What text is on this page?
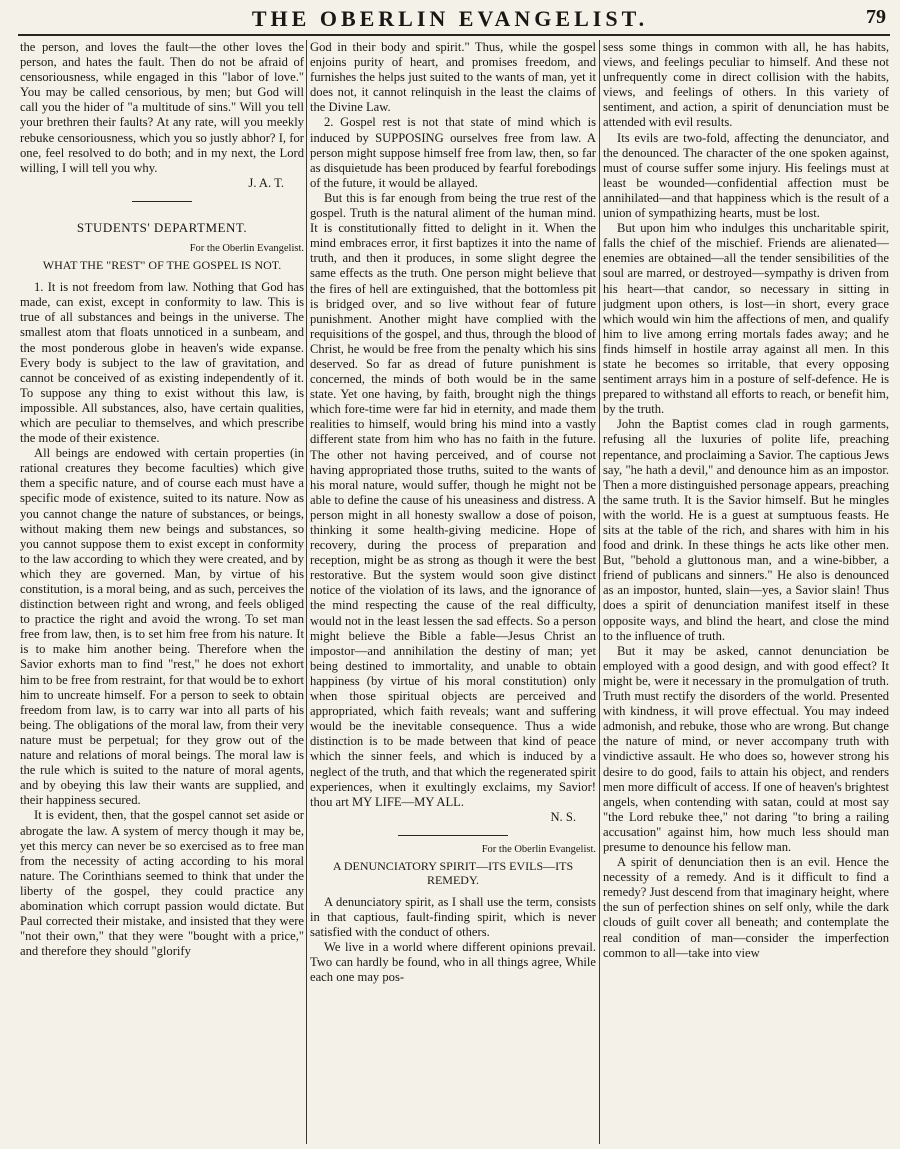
THE OBERLIN EVANGELIST.	79

the person, and loves the fault—the other loves the person, and hates the fault. Then do not be afraid of censoriousness, while engaged in this "labor of love." You may be called censorious, by men; but God will call you the hider of "a multitude of sins." Will you tell your brethren their faults? At any rate, will you meekly rebuke censoriousness, which you so justly abhor? I, for one, feel resolved to do both; and in my next, the Lord willing, I will tell you why.

J. A. T.
STUDENTS' DEPARTMENT.
For the Oberlin Evangelist.
WHAT THE "REST" OF THE GOSPEL IS NOT.

1. It is not freedom from law. Nothing that God has made, can exist, except in conformity to law. This is true of all substances and beings in the universe. The smallest atom that floats unnoticed in a sunbeam, and the most ponderous globe in heaven's wide expanse. Every body is subject to the law of gravitation, and cannot be conceived of as existing independently of it. To suppose any thing to exist without this law, is impossible. All substances, also, have certain qualities, which are peculiar to themselves, and which prescribe the mode of their existence.

All beings are endowed with certain properties (in rational creatures they become faculties) which give them a specific nature, and of course each must have a specific mode of existence, suited to its nature. Now as you cannot change the nature of substances, or beings, without making them new beings and substances, so you cannot suppose them to exist except in conformity to the law according to which they were created, and by which they are governed. Man, by virtue of his constitution, is a moral being, and as such, perceives the distinction between right and wrong, and feels obliged to practice the right and avoid the wrong. To set man free from law, then, is to set him free from his nature. It is to make him another being. Therefore when the Savior exhorts man to find "rest," he does not exhort him to be free from restraint, for that would be to exhort him to uncreate himself. For a person to seek to obtain freedom from law, is to carry war into all parts of his being. The obligations of the moral law, from their very nature must be perpetual; for they grow out of the nature and relations of moral beings. The moral law is the rule which is suited to the nature of moral agents, and by obeying this law their wants are supplied, and their happiness secured.

It is evident, then, that the gospel cannot set aside or abrogate the law. A system of mercy though it may be, yet this mercy can never be so exercised as to free man from the necessity of acting according to his moral nature. The Corinthians seemed to think that under the liberty of the gospel, they could practice any abomination which corrupt passion would dictate. But Paul corrected their mistake, and insisted that they were "not their own," that they were "bought with a price," and therefore they should "glorify

God in their body and spirit." Thus, while the gospel enjoins purity of heart, and promises freedom, and furnishes the helps just suited to the wants of man, yet it does not, it cannot relinquish in the least the claims of the Divine Law.

2. Gospel rest is not that state of mind which is induced by SUPPOSING ourselves free from law. A person might suppose himself free from law, then, so far as disquietude has been produced by fearful forebodings of the future, it would be allayed.

But this is far enough from being the true rest of the gospel. Truth is the natural aliment of the human mind. It is constitutionally fitted to delight in it. When the mind embraces error, it first baptizes it into the name of truth, and then it produces, in some slight degree the same effects as the truth. One person might believe that the fires of hell are extinguished, that the bottomless pit is bridged over, and so live without fear of future punishment. Another might have complied with the requisitions of the gospel, and thus, through the blood of Christ, he would be free from the penalty which his sins deserved. So far as dread of future punishment is concerned, the minds of both would be in the same state. Yet one having, by faith, brought nigh the things which fore-time were far hid in eternity, and made them realities to himself, would bring his mind into a vastly different state from him who has no faith in the future. The other not having perceived, and of course not having appropriated those truths, suited to the wants of his moral nature, would suffer, though he might not be able to define the cause of his uneasiness and distress. A person might in all honesty swallow a dose of poison, thinking it some health-giving medicine. Hope of recovery, during the process of preparation and reception, might be as strong as though it were the best restorative. But the system would soon give distinct notice of the violation of its laws, and the ignorance of the mind respecting the cause of the real difficulty, would not in the least lessen the sad effects. So a person might believe the Bible a fable—Jesus Christ an impostor—and annihilation the destiny of man; yet being destined to immortality, and unable to obtain happiness (by virtue of his moral constitution) only when those spiritual objects are perceived and appropriated, which faith reveals; want and suffering would be the inevitable consequence. Thus a wide distinction is to be made between that kind of peace which the sinner feels, and which is induced by a neglect of the truth, and that which the regenerated spirit experiences, when it exultingly exclaims, my Savior! thou art MY LIFE—MY ALL.

N. S.
For the Oberlin Evangelist.
A DENUNCIATORY SPIRIT—ITS EVILS—ITS REMEDY.

A denunciatory spirit, as I shall use the term, consists in that captious, fault-finding spirit, which is never satisfied with the conduct of others.

We live in a world where different opinions prevail. Two can hardly be found, who in all things agree, While each one may pos-

sess some things in common with all, he has habits, views, and feelings peculiar to himself. And these not unfrequently come in direct collision with the habits, views, and feelings of others. In this variety of sentiment, and action, a spirit of denunciation must be attended with evil results.

Its evils are two-fold, affecting the denunciator, and the denounced. The character of the one spoken against, must of course suffer some injury. His feelings must at least be wounded—confidential affection must be annihilated—and that happiness which is the result of a union of sympathizing hearts, must be lost.

But upon him who indulges this uncharitable spirit, falls the chief of the mischief. Friends are alienated—enemies are obtained—all the tender sensibilities of the soul are marred, or destroyed—sympathy is driven from his heart—that candor, so necessary in sitting in judgment upon others, is lost—in short, every grace which would win him the affections of men, and qualify him to live among erring mortals fades away; and he finds himself in hostile array against all men. In this state he becomes so irritable, that every opposing sentiment arrays him in a posture of self-defence. He is prepared to withstand all efforts to reach, or benefit him, by the truth.

John the Baptist comes clad in rough garments, refusing all the luxuries of polite life, preaching repentance, and proclaiming a Savior. The captious Jews say, "he hath a devil," and denounce him as an impostor. Then a more distinguished personage appears, preaching the same truth. It is the Savior himself. But he mingles with the world. He is a guest at sumptuous feasts. He sits at the table of the rich, and shares with him in his food and drink. In these things he acts like other men. But, "behold a gluttonous man, and a wine-bibber, a friend of publicans and sinners." He also is denounced as an impostor, hunted, slain—yes, a Savior slain! Thus does a spirit of denunciation manifest itself in these opposite ways, and blind the heart, and close the mind to the influence of truth.

But it may be asked, cannot denunciation be employed with a good design, and with good effect? It might be, were it necessary in the promulgation of truth. Truth must rectify the disorders of the world. Presented with kindness, it will prove effectual. You may indeed admonish, and rebuke, those who are wrong. But change the nature of mind, or never accompany truth with vindictive assault. He who does so, however strong his desire to do good, fails to attain his object, and renders men more difficult of access. If one of heaven's brightest angels, when contending with satan, could at most say "the Lord rebuke thee," not daring "to bring a railing accusation" against him, how much less should man presume to denounce his fellow man.

A spirit of denunciation then is an evil. Hence the necessity of a remedy. And is it difficult to find a remedy? Just descend from that imaginary height, where the sun of perfection shines on self only, while the dark clouds of guilt cover all beneath; and contemplate the real condition of man—consider the imperfection common to all—take into view
